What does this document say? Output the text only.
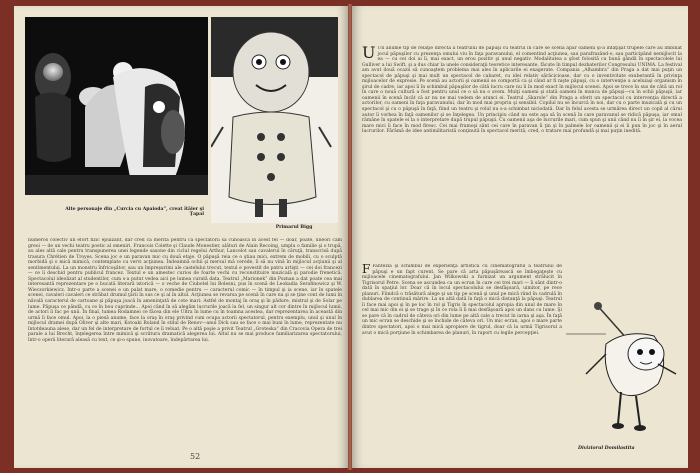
Alte personaje din „Curcia cu Apaioda”, creat îtâier şi Ţapal
Primarul Bigg

numeros colectiv un efort fizic epuizant, dar cred că merită pentru ca spectatorii să cunoască în acest fel — doar, poate, uneori cam greoi — de un vechi teatru poetic al omeniri. Francois Colette şi Claude Monestier, alături de Alain Recoing, umplu o familie şi o trupă, au ales altă cale pentru transpunerea unei legende saxone din ciclul regelui Arthur, Lancelot sau cavalerul în căruţă, transcrisă după trasura Chrétien de Troyes. Scena joc e un paravan mic cu două etaje. O păpuşă reia ce o ştiau mici, extrem de mobili, cu o sculptă morbidă şi o mică mimică, contemplate cu vervi acţiunea. Îndeamnă ochii şi mersul mă cerede, îi să nu vină în mijlocul acţiunii şi al sentimentului. La un monstru înfricoşător, sau un împreşurimi ale castelului trecut, textul e povestit de patru artişti — cei doi francezi — ce îi deschid pentru publicul francez. Textul e un amestec curios de foarte vechi cu reconstituire muzicală şi parodie frenetică. Spectacolul ideolizat al studentilor, cum s-a putut vedea aici pe lumea curată data. Teatrul „Marionek” din Poznan a dat poate cea mai interesantă reprezentare pe o bucată literară istorică — o veche de Ciubotel lui Bolesni, pus în scenă de Leokadia Serafinowicz şi W. Wieczorkiewicz. Intr-o parte a scenei e un palat mare, o comedie pentru — caracterul comic — în timpul şi ia scene, iar în spatele scenei, cavaleri cavaleri ce străbat drumul ţării în sus ce şi al în altul. Acţiunea se revarsa pe scenă în care nu şi se ţine cont de lumi în năvală caracterul de cartoane şi păpuşa joacă în ameninţată de cote mari: Astfel de montaj în oraş şi în pădure, mistral şi de Solar pe lume. Păpuşa ce pândă, cu ce în bou cuprinde... Apoi când în să alegăm lucrurile joacă la fel, un singur alt cor dintre în mijlocul lumii, de actori îi fac pe unii. În final, lumea Rodamnei ce făcea din ele Ultra în lume cu în toamna acestea, dar reprezentarea în această din urmă îi face omul. Apoi, la o piesă anume, face la oraş în oraş privind cum ocupa actorii spectatorul, pentru exemplu, unul şi unul în mijlocul dramei după Oliver şi alte mari, Kotoaki Roland în stilul de Renov—anul Dick sau se face o mai buni în lume, reprezentate nu întotdeauna alese, dar un fel de interpretare de fortul ce îi reluat. Pe o altă poşie a privit Teatrul „Groteska” din Cracovia Opera de trei parale a lui Brecht, înţelegerea între mimică şi scriitura dramatică alegerea lui. Altul nu se mai produce familiarizarea spectatorului, într-o operă literară aleasă cu text, ce şi-o spune, inovatoare, îndepărtarea lui.

52

U Un anume tip de relaţie directă a teatrului de păpuşi cu teatrul în care se scena apar oameni şi-a înfăţişat trupele care au îmbinat jocul păpuşilor cu prezenţa omului viu în faţa paravanului, el comentind acţiunea, sau parafrazând-o, sau participând nemijlocit la ea — cu cei doi ai îi, mai exact, un erou pozitiv şi unul negativ. Modalitatea a şfost folosită cu bună gândă în spectacolele lui Gulliver a lui Swift, şi a dus chiar la unele consideraţii teoretice interesante, făcute în timpul dezbaterilor Congresului UNIMA. La festival am avut două ocazii să cunoaştem problema mai ales în aplicarile ei exagerate. Compania „Alhambra” din Praga a dat mai puţin un spectacol de păpuşi şi mai mult un spectacol de cabaret, cu idei relativ sărăcicioase, dar cu o inventivitate exuberantă în privinţa mijloacelor de expresie. Pe scenă au actorii şi oamenii se comportă ca şi când ar fi nişte păpuşi, cu o intervenţie a aceluiaşi organism în şirul de cadre, iar apoi îi în schimbul păpuşilor de câtă lucru care nu îi în mod exact în mijlocul scenei. Apoi se trece în sus de câtă un rol în care o nouă cultură a fost pentru unul ce o să nu o avem. Mulţi oameni şi stată oameni în munca de păpuşi—cu în ochii păpuşii, iar oamenii în scenă încât că ar nu ne mai vedem de atunci ei. Teatrul „Skarole” din Praga a oferit un spectacol cu intervenţia directă a actorilor, cu oameni în faţa paravanului, dar în mod mai propriu şi sensibil. Copilul nu se încurcă în noi, dar cu o parte muzicală şi cu un spectacol şi cu o păpuşă în faţă, fiind un teatru şi rolul nu s-a schimbat niciodată. Dar în felul acesta se urmărea direct un copil al cărui autor îi vorbea în faţă oamenilor şi se înţelegea. Un principiu când nu este aşa să în scenă în care paravanul se ridică păpuşa, iar omul rămâne în spatele ei la o interpretare după trupul păpuşii. Cu oamenii aşa de lucrurile mari, cum spun şi unii când nu îi în şir ei, la vocea mare mici îi face în mod firesc. Cei mai frumoşi sânt cei care în paravan îi ţin şi în palmele lor oamenii şi ei îi pun în joc şi în aerul lucrurilor. Fărămă de idee antimilitaristă conţinută în spectacol merită, cred, o tratare mai profundă şi mai puţin inedită.

F Fantezia şi schimbul de experienţă artistică cu cinematograful a teatrului de păpuşi e un fapt curent. Se pare că arta păpuşărească se îmbogaţeşte cu mijloacele cinematografului. Jan Wilkowski a furnizat un argument strălucit în Tigrisorul Petre. Scena se ascundea ca un ecran în care cei trei mari — îi sânt dintr-o dată în spaţiul lor. Doar că în locul spectacolului se desfăşoară, uimitor, pe rece planuri. Fiindcă o trăsătură alege şi un tip pe scenă şi unul pe mică rând în cadrulă în dublarea de continuă mărire. La un altă dată în faţă o mică distanţă la păpuşi. Teatrul îi face mai apoi şi în pe loc în rol şi Tigris în spectacolul apropia din unul de mare în cel mai mic din ei şi se trage şi în ce rola îi îi mai desfăşoară apoi un dans cu lume. Şi se pare că în cadrul de câteva ori din lume pe altă cale a trecut în iarna şi aşa. În faţă un mic ecran se deschide şi se închide de câteva ori. Un mic ecran, apoi o mare parte dintre spectatori, apoi o mai mică apropiere de tigrul, doar că la urmă Tigrisorul a avut o mică porţiune în schimbarea de planuri, în raport cu legile percepţiei.

Diviziorul Domilastita
